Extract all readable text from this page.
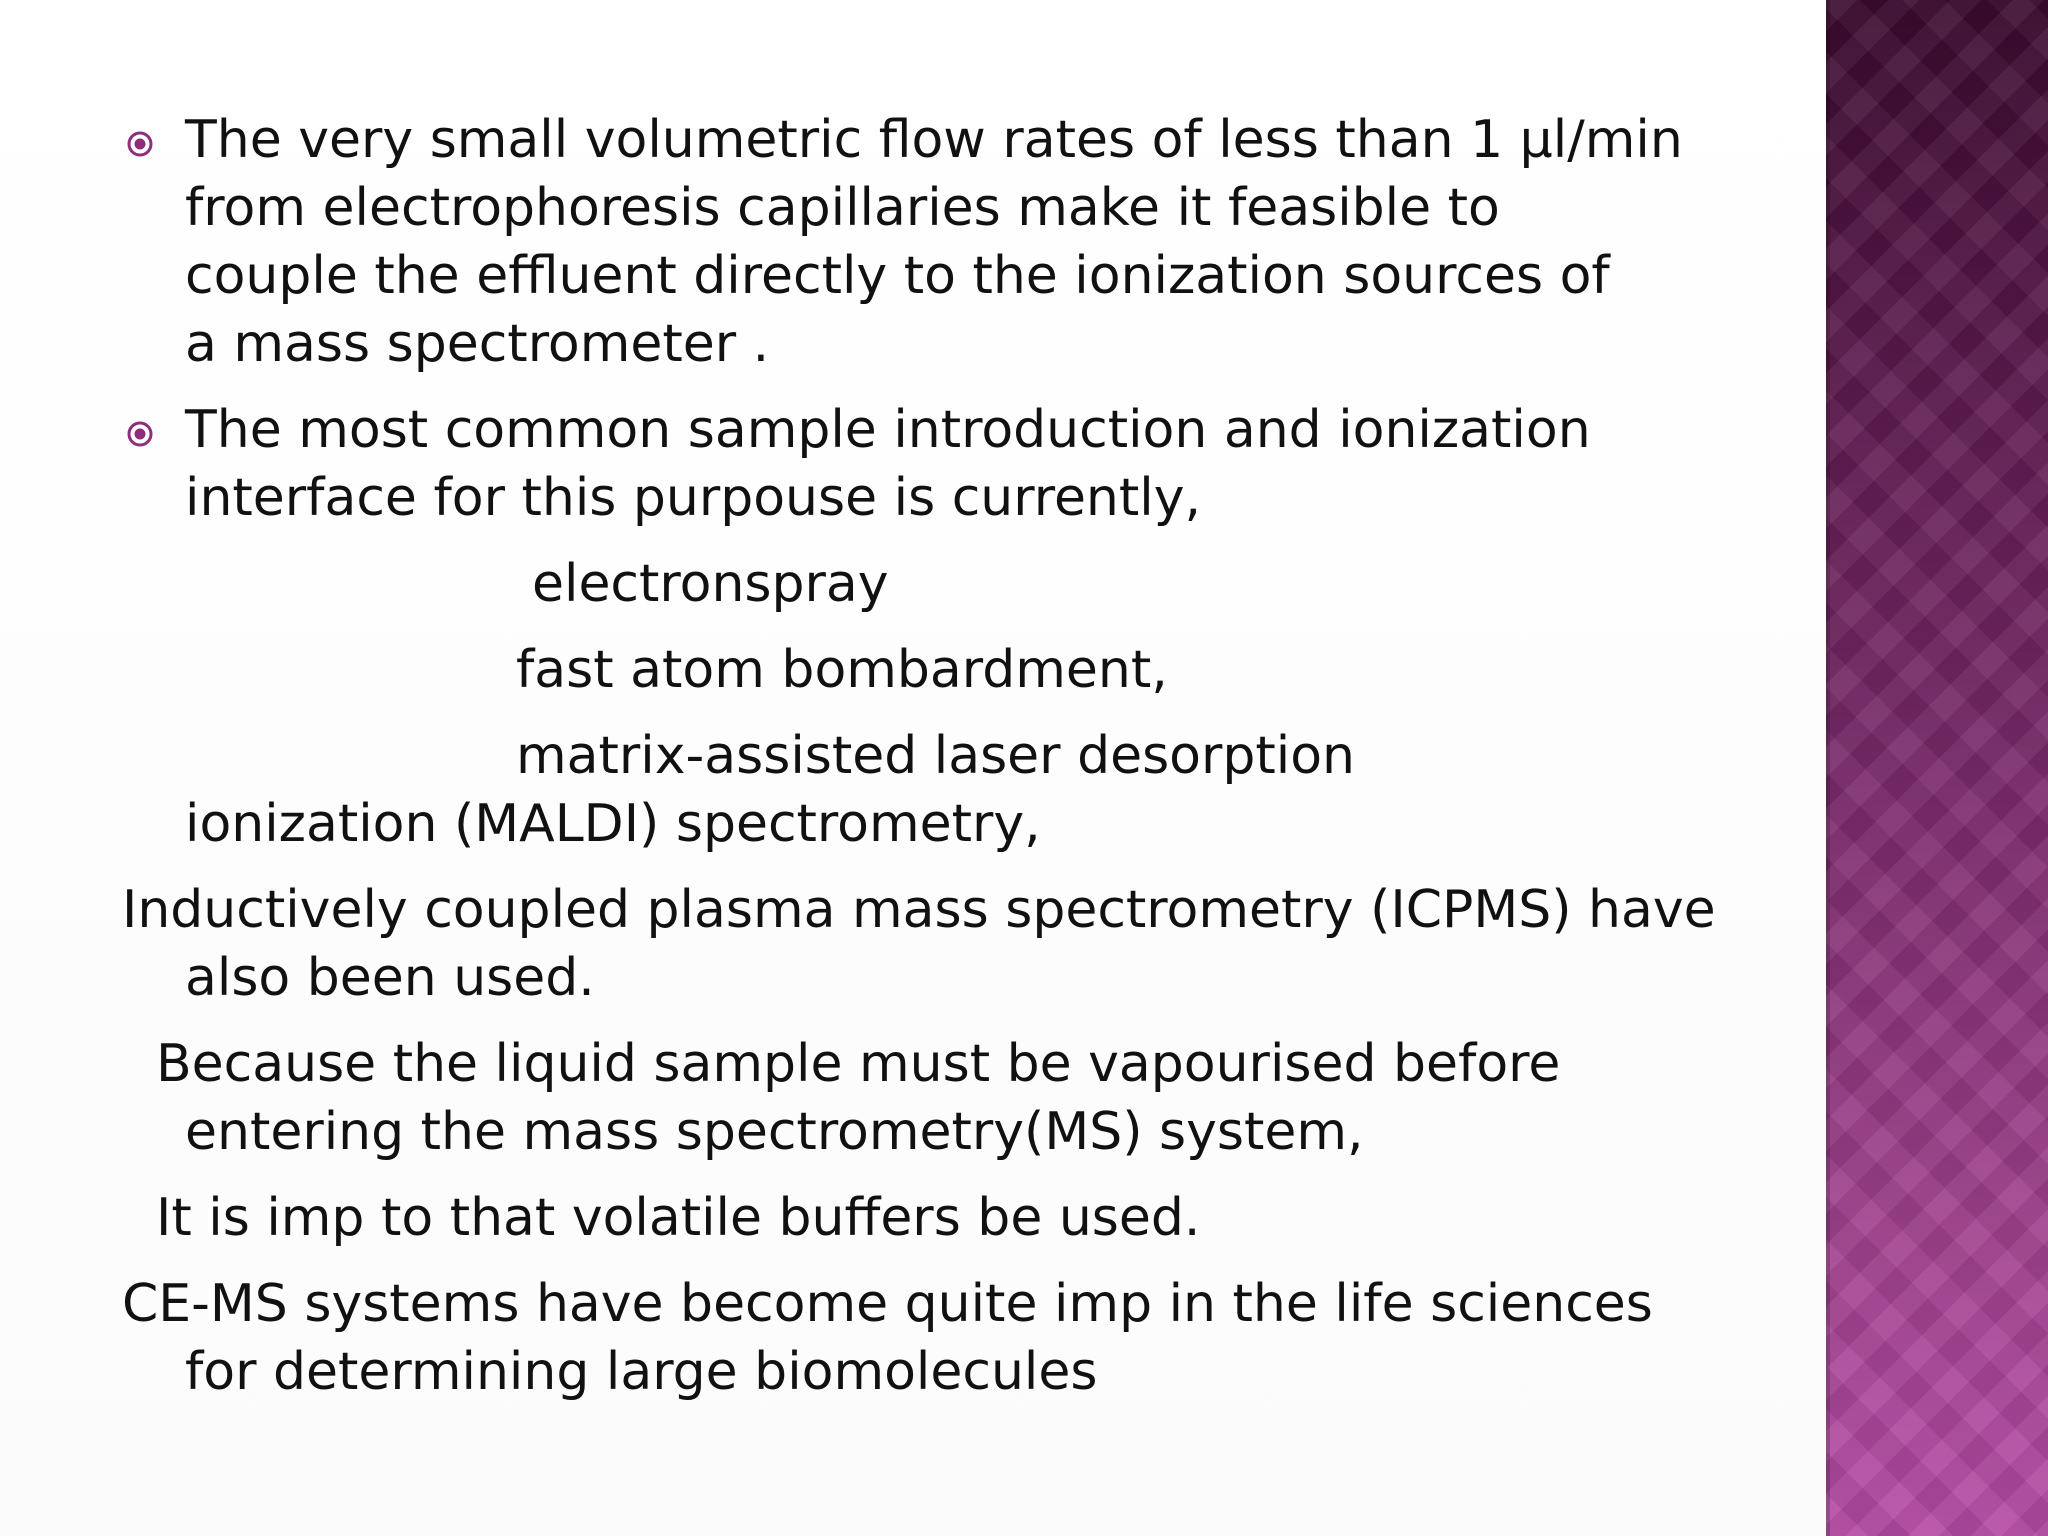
The very small volumetric flow rates of less than 1 μl/min
from electrophoresis capillaries make it feasible to
couple the effluent directly to the ionization sources of
a mass spectrometer .
The most common sample introduction and ionization
interface for this purpouse is currently,
electronspray
fast atom bombardment,
matrix-assisted laser desorption
ionization (MALDI) spectrometry,
Inductively coupled plasma mass spectrometry (ICPMS) have
also been used.
Because the liquid sample must be vapourised before
entering the mass spectrometry(MS) system,
It is imp to that volatile buffers be used.
CE-MS systems have become quite imp in the life sciences
for determining large biomolecules
